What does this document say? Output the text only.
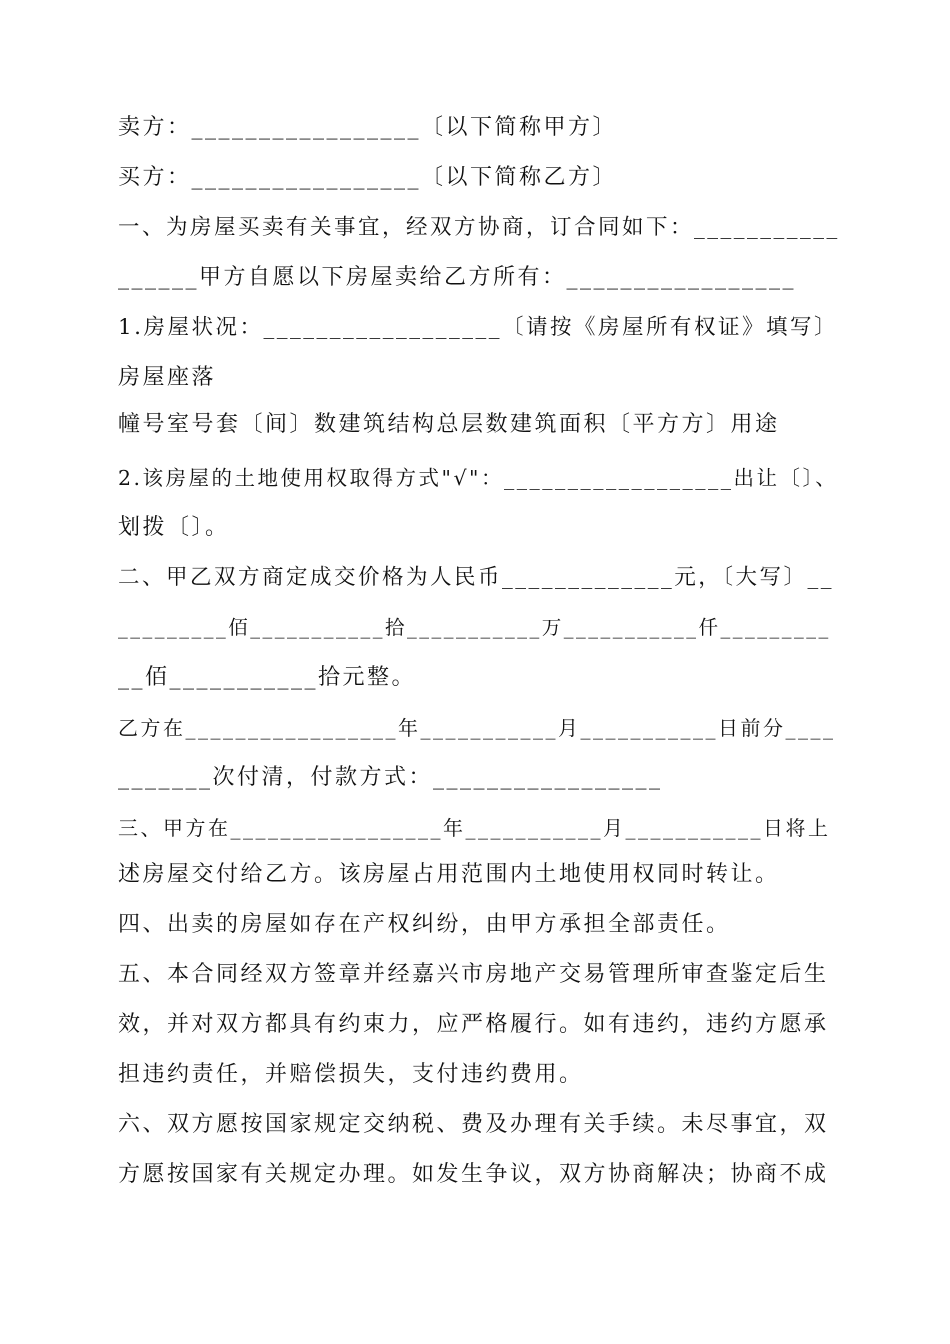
卖方：_________________〔以下简称甲方〕
买方：_________________〔以下简称乙方〕
一、为房屋买卖有关事宜，经双方协商，订合同如下：___________
______甲方自愿以下房屋卖给乙方所有：_________________
1.房屋状况：__________________〔请按《房屋所有权证》填写〕
房屋座落
幢号室号套〔间〕数建筑结构总层数建筑面积〔平方方〕用途
2.该房屋的土地使用权取得方式"√"：__________________出让〔〕、
划拨〔〕。
二、甲乙双方商定成交价格为人民币_____________元，〔大写〕__
_________佰___________拾___________万___________仟_________
__佰___________拾元整。
乙方在_________________年___________月___________日前分____
_______次付清，付款方式：_________________
三、甲方在_________________年___________月___________日将上
述房屋交付给乙方。该房屋占用范围内土地使用权同时转让。
四、出卖的房屋如存在产权纠纷，由甲方承担全部责任。
五、本合同经双方签章并经嘉兴市房地产交易管理所审查鉴定后生
效，并对双方都具有约束力，应严格履行。如有违约，违约方愿承
担违约责任，并赔偿损失，支付违约费用。
六、双方愿按国家规定交纳税、费及办理有关手续。未尽事宜，双
方愿按国家有关规定办理。如发生争议，双方协商解决；协商不成
